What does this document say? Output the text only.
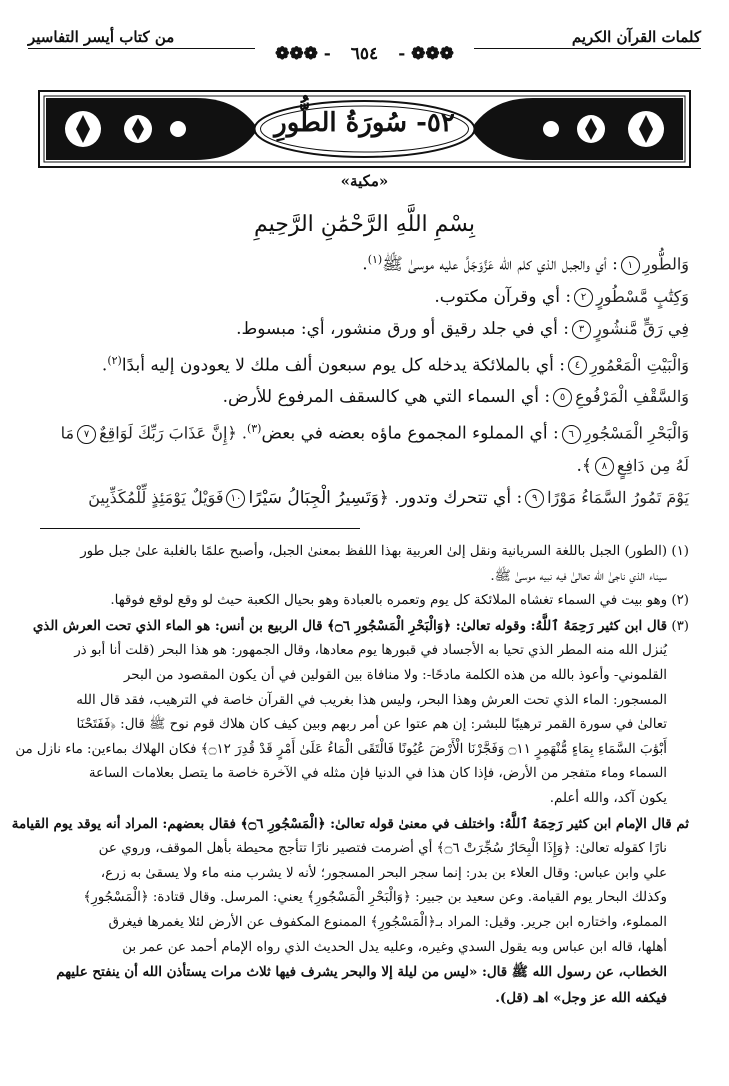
كلمات القرآن الكريم
من كتاب أيسر التفاسير
❁❁❁ -٦٥٤- ❁❁❁
٥٢- سُورَةُ الطُّورِ
«مكية»
بِسْمِ اللَّهِ الرَّحْمَٰنِ الرَّحِيمِ
وَالطُّورِ١: أي والجبل الذي كلم الله عَزَّوَجَلَّ عليه موسىٰ ﷺ$^{(١)}$.
وَكِتَٰبٍ مَّسْطُورٍ٢: أي وقرآن مكتوب.
فِي رَقٍّ مَّنشُورٍ٣: أي في جلد رقيق أو ورق منشور، أي: مبسوط.
وَالْبَيْتِ الْمَعْمُورِ٤: أي بالملائكة يدخله كل يوم سبعون ألف ملك لا يعودون إليه أبدًا$^{(٢)}$.
وَالسَّقْفِ الْمَرْفُوعِ٥: أي السماء التي هي كالسقف المرفوع للأرض.
وَالْبَحْرِ الْمَسْجُورِ٦: أي المملوء المجموع ماؤه بعضه في بعض$^{(٣)}$. ﴿إِنَّ عَذَابَ رَبِّكَ لَوَاقِعٌ٧مَا
لَهُ مِن دَافِعٍ٨﴾.
يَوْمَ تَمُورُ السَّمَاءُ مَوْرًا٩: أي تتحرك وتدور. ﴿وَتَسِيرُ الْجِبَالُ سَيْرًا١٠فَوَيْلٌ يَوْمَئِذٍ لِّلْمُكَذِّبِينَ
(١) (الطور) الجبل باللغة السريانية ونقل إلىٰ العربية بهذا اللفظ بمعنىٰ الجبل، وأصبح علمًا بالغلبة علىٰ جبل طور
سيناء الذي ناجىٰ الله تعالىٰ فيه نبيه موسىٰ ﷺ.
(٢) وهو بيت في السماء تغشاه الملائكة كل يوم وتعمره بالعبادة وهو بحيال الكعبة حيث لو وقع لوقع فوقها.
(٣) قال ابن كثير رَحِمَهُ ٱللَّهُ: وقوله تعالىٰ: ﴿وَالْبَحْرِ الْمَسْجُورِ ۝٦﴾ قال الربيع بن أنس: هو الماء الذي تحت العرش الذي
يُنزل الله منه المطر الذي تحيا به الأجساد في قبورها يوم معادها، وقال الجمهور: هو هذا البحر (قلت أنا أبو ذر
القلموني- وأعوذ بالله من هذه الكلمة مادحًا-: ولا منافاة بين القولين في أن يكون المقصود من البحر
المسجور: الماء الذي تحت العرش وهذا البحر، وليس هذا بغريب في القرآن خاصة في الترهيب، فقد قال الله
تعالىٰ في سورة القمر ترهيبًا للبشر: إن هم عتوا عن أمر ربهم وبين كيف كان هلاك قوم نوح ﷺ قال: ﴿فَفَتَحْنَا
أَبْوَٰبَ السَّمَاءِ بِمَاءٍ مُّنْهَمِرٍ ۝١١ وَفَجَّرْنَا الْأَرْضَ عُيُونًا فَالْتَقَى الْمَاءُ عَلَىٰ أَمْرٍ قَدْ قُدِرَ ۝١٢﴾ فكان الهلاك بماءين: ماء نازل من
السماء وماء متفجر من الأرض، فإذا كان هذا في الدنيا فإن مثله في الآخرة خاصة ما يتصل بعلامات الساعة
يكون آكد، والله أعلم.
ثم قال الإمام ابن كثير رَحِمَهُ ٱللَّهُ: واختلف في معنىٰ قوله تعالىٰ: ﴿الْمَسْجُورِ ۝٦﴾ فقال بعضهم: المراد أنه يوقد يوم القيامة
نارًا كقوله تعالىٰ: ﴿وَإِذَا الْبِحَارُ سُجِّرَتْ ۝٦﴾ أي أضرمت فتصير نارًا تتأجج محيطة بأهل الموقف، وروي عن
علي وابن عباس: وقال العلاء بن بدر: إنما سجر البحر المسجور؛ لأنه لا يشرب منه ماء ولا يسقىٰ به زرع،
وكذلك البحار يوم القيامة. وعن سعيد بن جبير: ﴿وَالْبَحْرِ الْمَسْجُورِ﴾ يعني: المرسل. وقال قتادة: ﴿الْمَسْجُورِ﴾
المملوء، واختاره ابن جرير. وقيل: المراد بـ﴿الْمَسْجُورِ﴾ الممنوع المكفوف عن الأرض لئلا يغمرها فيغرق
أهلها، قاله ابن عباس وبه يقول السدي وغيره، وعليه يدل الحديث الذي رواه الإمام أحمد عن عمر بن
الخطاب، عن رسول الله ﷺ قال: «ليس من ليلة إلا والبحر يشرف فيها ثلاث مرات يستأذن الله أن ينفتح عليهم
فيكفه الله عز وجل» اهـ (قل).
